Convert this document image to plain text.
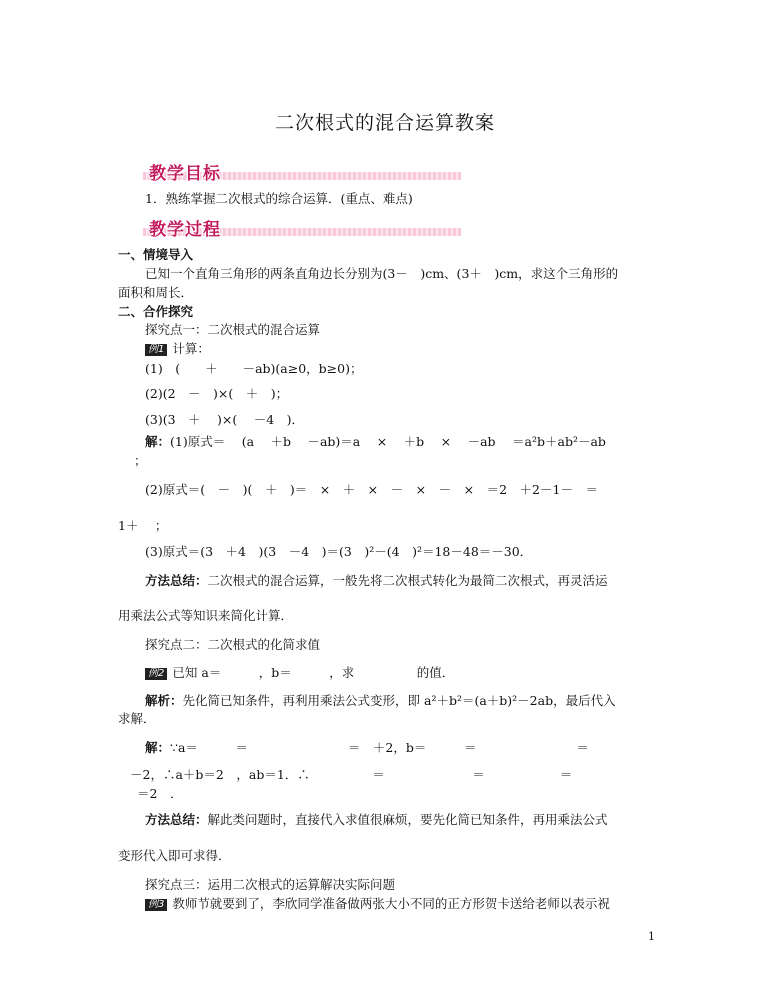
二次根式的混合运算教案
教学目标
1．熟练掌握二次根式的综合运算．(重点、难点)
教学过程
一、情境导入
已知一个直角三角形的两条直角边长分别为(3－　)cm、(3＋　)cm，求这个三角形的
面积和周长．
二、合作探究
探究点一：二次根式的混合运算
例1 计算：
(1)　(　　＋　　－ab)(a≥0，b≥0)；
(2)(2　－　)×(　＋　)；
(3)(3　＋　 )×(　 －4　)．
解：(1)原式＝　 (a　 ＋b　 －ab)＝a　 ×　 ＋b　 ×　 －ab　 ＝a²b＋ab²－ab
；
(2)原式＝(　－　)(　＋　)＝　×　＋　×　－　×　－　×　＝2　＋2－1－　＝
1＋　 ；
(3)原式＝(3　＋4　)(3　－4　)＝(3　)²－(4　)²＝18－48＝－30．
方法总结：二次根式的混合运算，一般先将二次根式转化为最简二次根式，再灵活运
用乘法公式等知识来简化计算．
探究点二：二次根式的化简求值
例2 已知 a＝　　　，b＝　　　，求　　　　　的值．
解析：先化简已知条件，再利用乘法公式变形，即 a²＋b²＝(a＋b)²－2ab，最后代入
求解．
解：∵a＝　　　＝　　　　　　　　＝　＋2，b＝　　　＝　　　　　　　　＝
－2，∴a＋b＝2　，ab＝1．∴　　　　　＝　　　　　　　＝　　　　　　＝
＝2　．
方法总结：解此类问题时，直接代入求值很麻烦，要先化简已知条件，再用乘法公式
变形代入即可求得．
探究点三：运用二次根式的运算解决实际问题
例3 教师节就要到了，李欣同学准备做两张大小不同的正方形贺卡送给老师以表示祝
1
